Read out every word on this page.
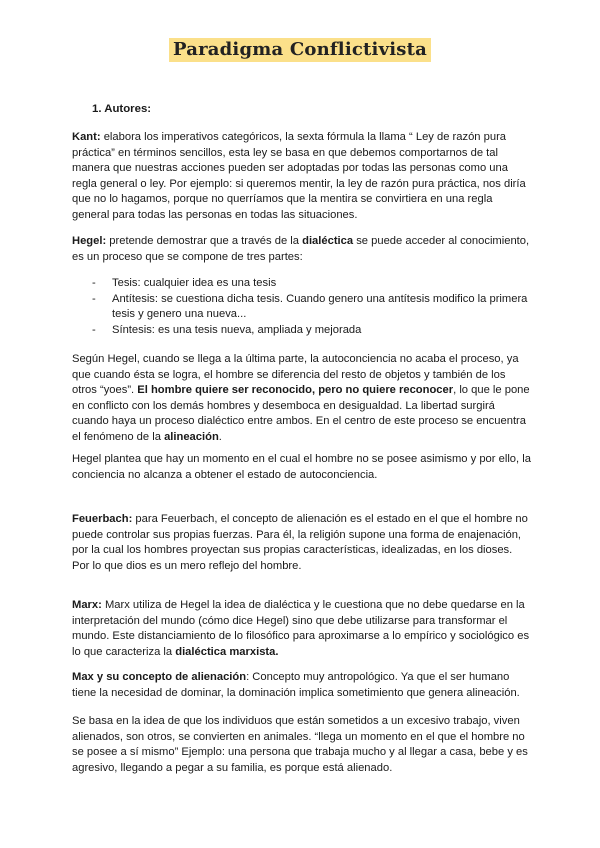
Paradigma Conflictivista
1. Autores:

Kant: elabora los imperativos categóricos, la sexta fórmula la llama “ Ley de razón pura práctica” en términos sencillos, esta ley se basa en que debemos comportarnos de tal manera que nuestras acciones pueden ser adoptadas por todas las personas como una regla general o ley. Por ejemplo: si queremos mentir, la ley de razón pura práctica, nos diría que no lo hagamos, porque no querríamos que la mentira se convirtiera en una regla general para todas las personas en todas las situaciones.

Hegel: pretende demostrar que a través de la dialéctica se puede acceder al conocimiento, es un proceso que se compone de tres partes:

- Tesis: cualquier idea es una tesis
- Antítesis: se cuestiona dicha tesis. Cuando genero una antítesis modifico la primera tesis y genero una nueva...
- Síntesis: es una tesis nueva, ampliada y mejorada

Según Hegel, cuando se llega a la última parte, la autoconciencia no acaba el proceso, ya que cuando ésta se logra, el hombre se diferencia del resto de objetos y también de los otros “yoes”. El hombre quiere ser reconocido, pero no quiere reconocer, lo que le pone en conflicto con los demás hombres y desemboca en desigualdad. La libertad surgirá cuando haya un proceso dialéctico entre ambos. En el centro de este proceso se encuentra el fenómeno de la alineación.

Hegel plantea que hay un momento en el cual el hombre no se posee asimismo y por ello, la conciencia no alcanza a obtener el estado de autoconciencia.

Feuerbach: para Feuerbach, el concepto de alienación es el estado en el que el hombre no puede controlar sus propias fuerzas. Para él, la religión supone una forma de enajenación, por la cual los hombres proyectan sus propias características, idealizadas, en los dioses. Por lo que dios es un mero reflejo del hombre.

Marx: Marx utiliza de Hegel la idea de dialéctica y le cuestiona que no debe quedarse en la interpretación del mundo (cómo dice Hegel) sino que debe utilizarse para transformar el mundo. Este distanciamiento de lo filosófico para aproximarse a lo empírico y sociológico es lo que caracteriza la dialéctica marxista.

Max y su concepto de alienación: Concepto muy antropológico. Ya que el ser humano tiene la necesidad de dominar, la dominación implica sometimiento que genera alineación.

Se basa en la idea de que los individuos que están sometidos a un excesivo trabajo, viven alienados, son otros, se convierten en animales. “llega un momento en el que el hombre no se posee a sí mismo” Ejemplo: una persona que trabaja mucho y al llegar a casa, bebe y es agresivo, llegando a pegar a su familia, es porque está alienado.
